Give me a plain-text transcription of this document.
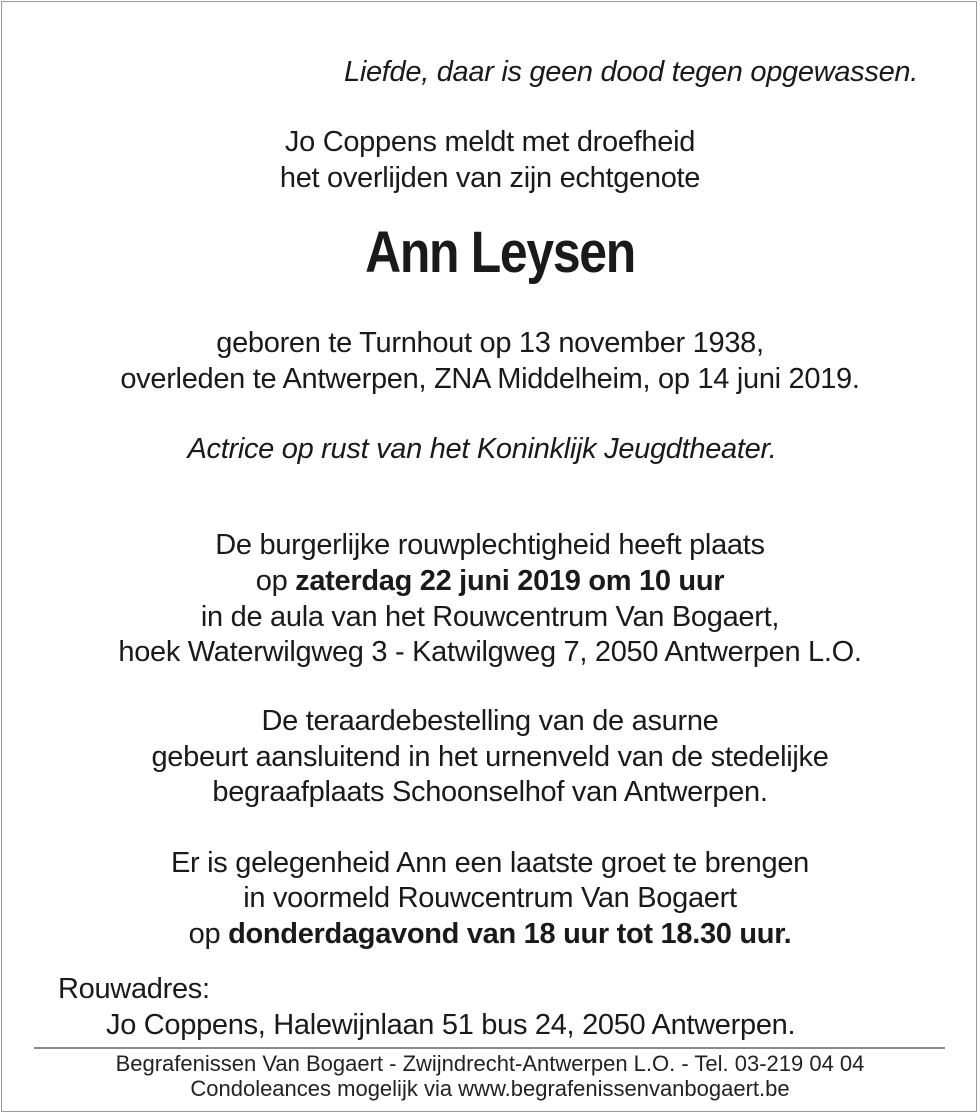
Liefde, daar is geen dood tegen opgewassen.
Jo Coppens meldt met droefheid
het overlijden van zijn echtgenote
Ann Leysen
geboren te Turnhout op 13 november 1938,
overleden te Antwerpen, ZNA Middelheim, op 14 juni 2019.
Actrice op rust van het Koninklijk Jeugdtheater.
De burgerlijke rouwplechtigheid heeft plaats
op zaterdag 22 juni 2019 om 10 uur
in de aula van het Rouwcentrum Van Bogaert,
hoek Waterwilgweg 3 - Katwilgweg 7, 2050 Antwerpen L.O.
De teraardebestelling van de asurne
gebeurt aansluitend in het urnenveld van de stedelijke
begraafplaats Schoonselhof van Antwerpen.
Er is gelegenheid Ann een laatste groet te brengen
in voormeld Rouwcentrum Van Bogaert
op donderdagavond van 18 uur tot 18.30 uur.
Rouwadres:
Jo Coppens, Halewijnlaan 51 bus 24, 2050 Antwerpen.
Begrafenissen Van Bogaert - Zwijndrecht-Antwerpen L.O. - Tel. 03-219 04 04
Condoleances mogelijk via www.begrafenissenvanbogaert.be
